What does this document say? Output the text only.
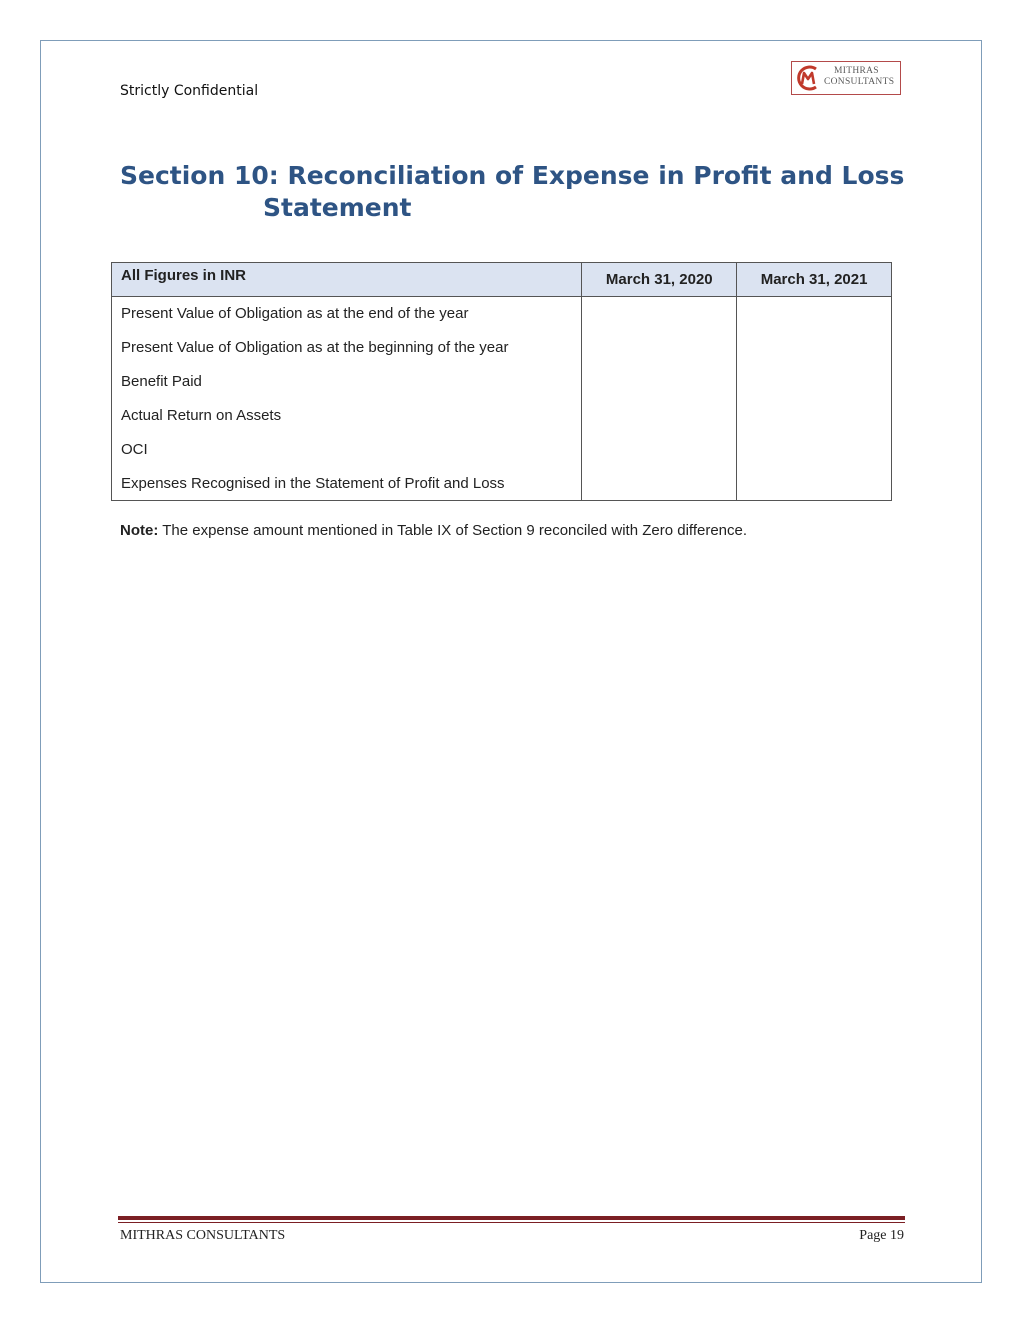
Strictly Confidential
MITHRAS
CONSULTANTS
Section 10: Reconciliation of Expense in Profit and Loss
Statement
All Figures in INR	March 31, 2020	March 31, 2021
Present Value of Obligation as at the end of the year		
Present Value of Obligation as at the beginning of the year		
Benefit Paid		
Actual Return on Assets		
OCI		
Expenses Recognised in the Statement of Profit and Loss		
Note: The expense amount mentioned in Table IX of Section 9 reconciled with Zero difference.
MITHRAS CONSULTANTS	Page 19
